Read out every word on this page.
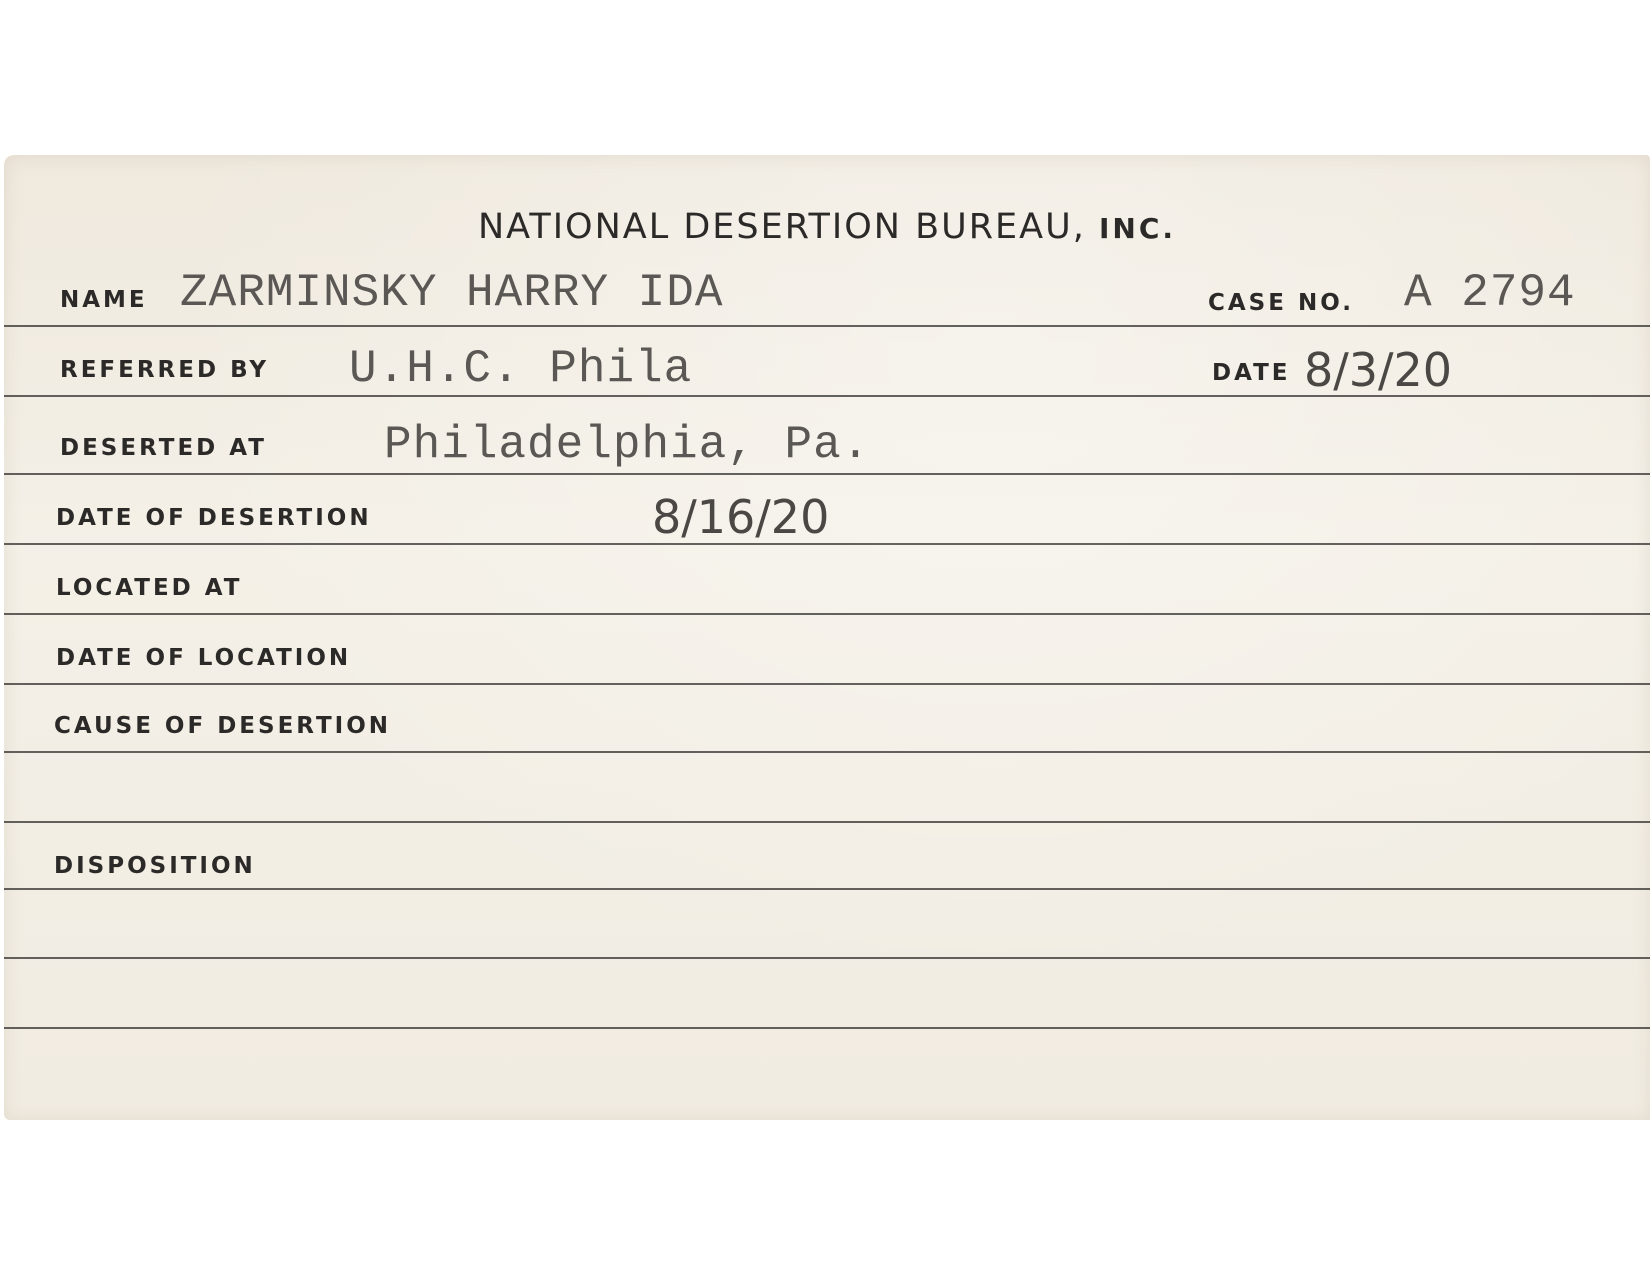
NATIONAL DESERTION BUREAU, INC.
NAME ZARMINSKY HARRY IDA	CASE NO. A 2794
REFERRED BY U.H.C. Phila	DATE 8/3/20
DESERTED AT	Philadelphia, Pa.
DATE OF DESERTION	8/16/20
LOCATED AT
DATE OF LOCATION
CAUSE OF DESERTION
DISPOSITION
